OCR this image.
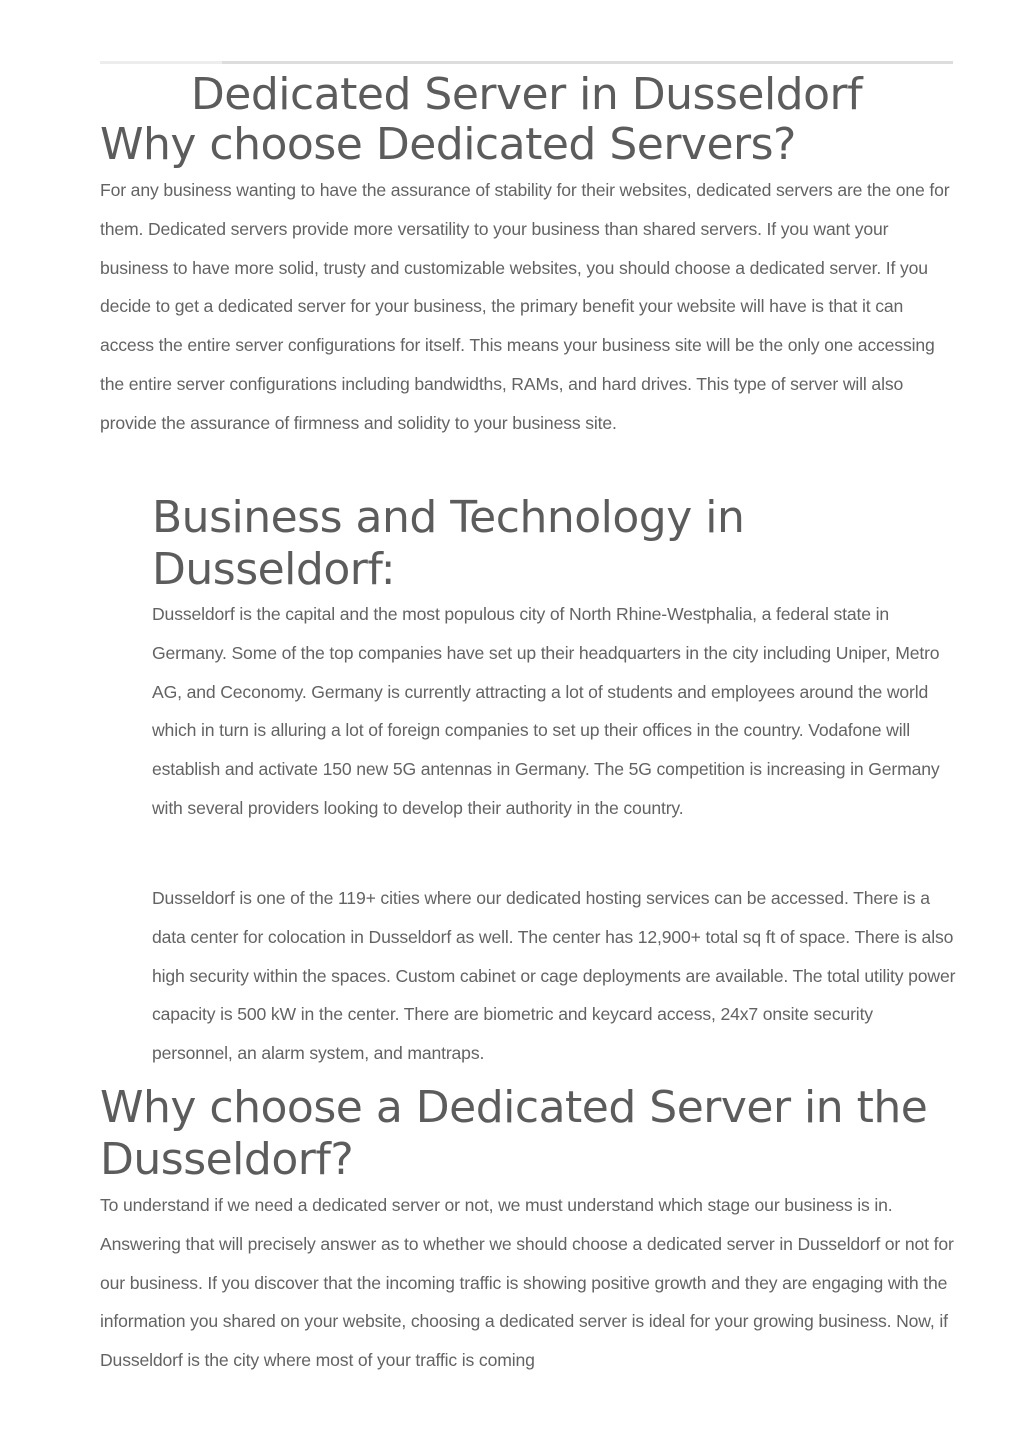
Dedicated Server in Dusseldorf
Why choose Dedicated Servers?

For any business wanting to have the assurance of stability for their websites, dedicated servers are the one for them. Dedicated servers provide more versatility to your business than shared servers. If you want your business to have more solid, trusty and customizable websites, you should choose a dedicated server. If you decide to get a dedicated server for your business, the primary benefit your website will have is that it can access the entire server configurations for itself. This means your business site will be the only one accessing the entire server configurations including bandwidths, RAMs, and hard drives. This type of server will also provide the assurance of firmness and solidity to your business site.

Business and Technology in Dusseldorf:

Dusseldorf is the capital and the most populous city of North Rhine-Westphalia, a federal state in Germany. Some of the top companies have set up their headquarters in the city including Uniper, Metro AG, and Ceconomy. Germany is currently attracting a lot of students and employees around the world which in turn is alluring a lot of foreign companies to set up their offices in the country. Vodafone will establish and activate 150 new 5G antennas in Germany. The 5G competition is increasing in Germany with several providers looking to develop their authority in the country.

Dusseldorf is one of the 119+ cities where our dedicated hosting services can be accessed. There is a data center for colocation in Dusseldorf as well. The center has 12,900+ total sq ft of space. There is also high security within the spaces. Custom cabinet or cage deployments are available. The total utility power capacity is 500 kW in the center. There are biometric and keycard access, 24x7 onsite security personnel, an alarm system, and mantraps.

Why choose a Dedicated Server in the Dusseldorf?

To understand if we need a dedicated server or not, we must understand which stage our business is in. Answering that will precisely answer as to whether we should choose a dedicated server in Dusseldorf or not for our business. If you discover that the incoming traffic is showing positive growth and they are engaging with the information you shared on your website, choosing a dedicated server is ideal for your growing business. Now, if Dusseldorf is the city where most of your traffic is coming
